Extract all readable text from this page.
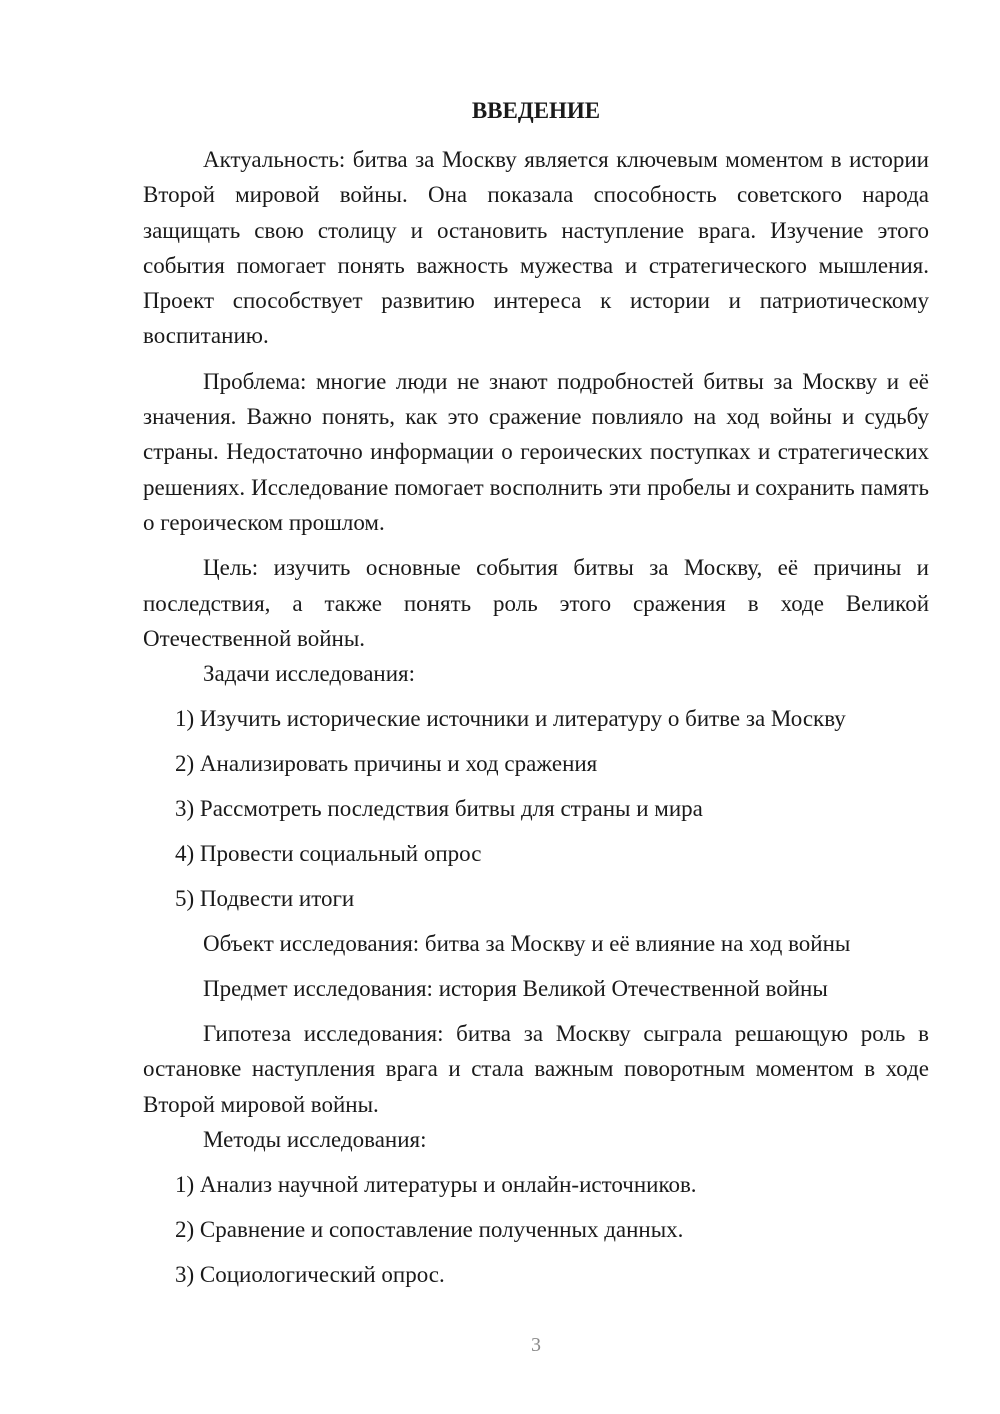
ВВЕДЕНИЕ

Актуальность: битва за Москву является ключевым моментом в истории Второй мировой войны. Она показала способность советского народа защищать свою столицу и остановить наступление врага. Изучение этого события помогает понять важность мужества и стратегического мышления. Проект способствует развитию интереса к истории и патриотическому воспитанию.

Проблема: многие люди не знают подробностей битвы за Москву и её значения. Важно понять, как это сражение повлияло на ход войны и судьбу страны. Недостаточно информации о героических поступках и стратегических решениях. Исследование помогает восполнить эти пробелы и сохранить память о героическом прошлом.

Цель: изучить основные события битвы за Москву, её причины и последствия, а также понять роль этого сражения в ходе Великой Отечественной войны.

Задачи исследования:

1) Изучить исторические источники и литературу о битве за Москву

2) Анализировать причины и ход сражения

3) Рассмотреть последствия битвы для страны и мира

4) Провести социальный опрос

5) Подвести итоги

Объект исследования: битва за Москву и её влияние на ход войны

Предмет исследования: история Великой Отечественной войны

Гипотеза исследования: битва за Москву сыграла решающую роль в остановке наступления врага и стала важным поворотным моментом в ходе Второй мировой войны.

Методы исследования:

1) Анализ научной литературы и онлайн-источников.

2) Сравнение и сопоставление полученных данных.

3) Социологический опрос.

3
